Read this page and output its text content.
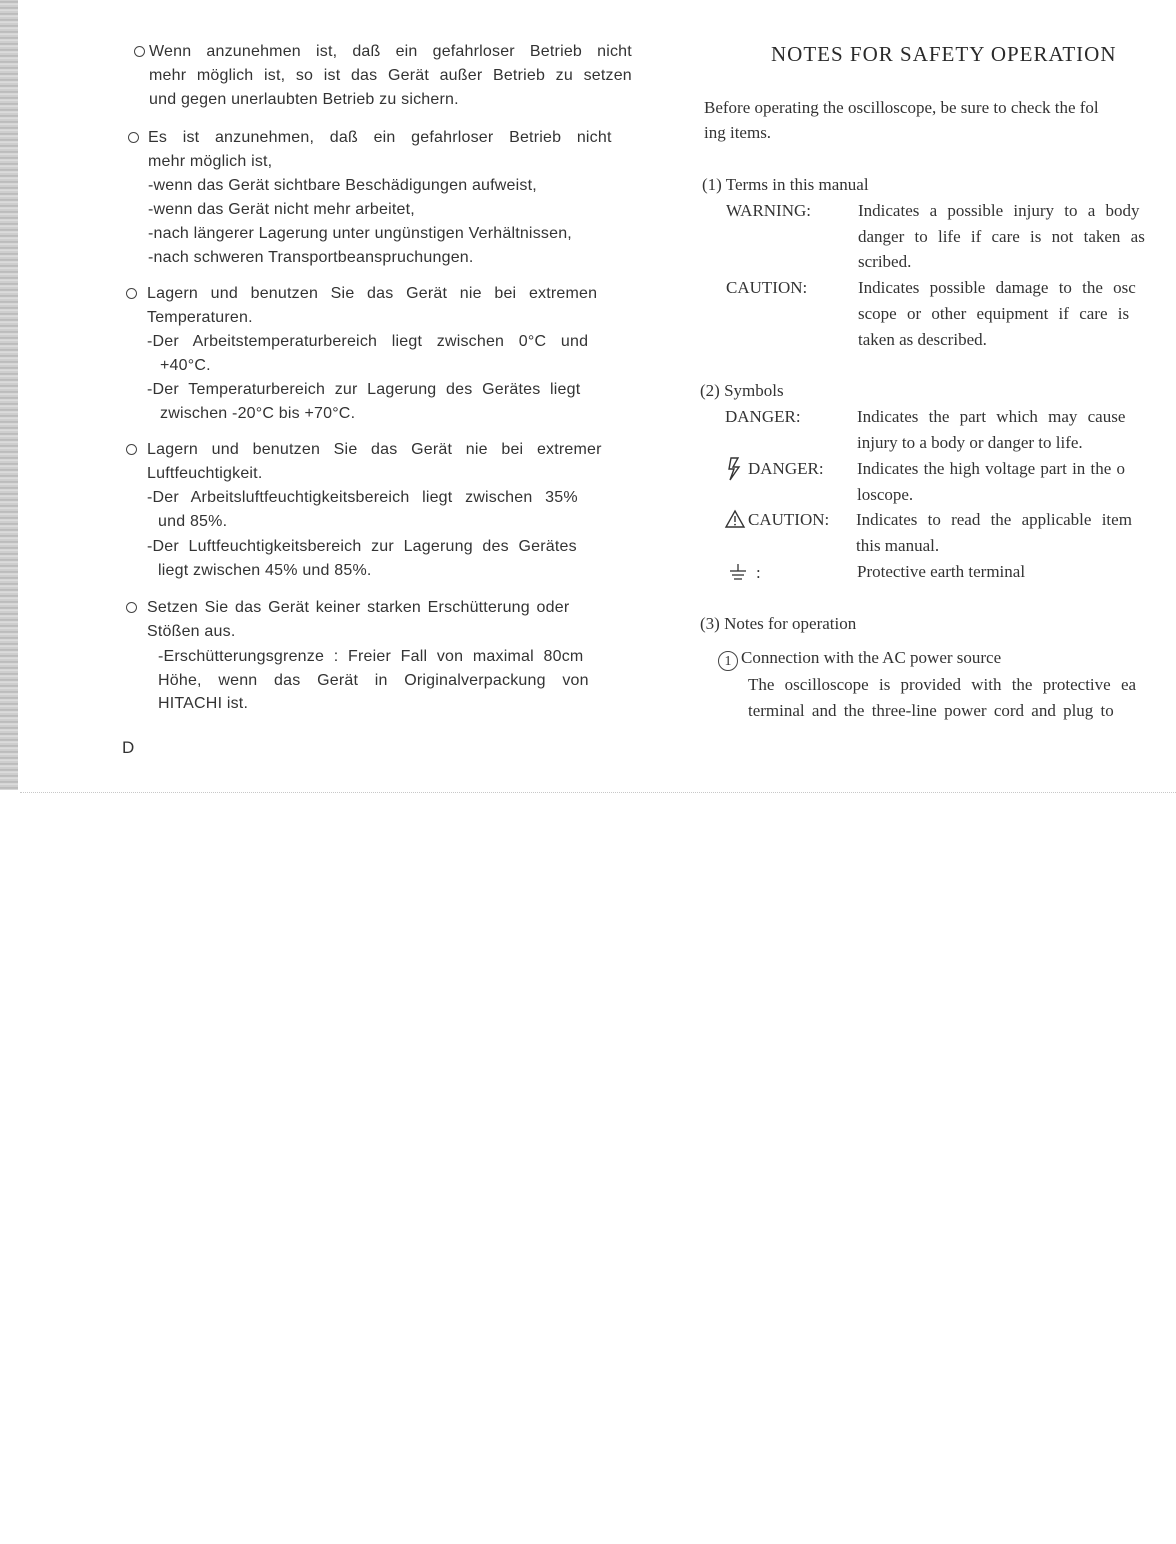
Wenn anzunehmen ist, daß ein gefahrloser Betrieb nicht
mehr möglich ist, so ist das Gerät außer Betrieb zu setzen
und gegen unerlaubten Betrieb zu sichern.
Es ist anzunehmen, daß ein gefahrloser Betrieb nicht
mehr möglich ist,
-wenn das Gerät sichtbare Beschädigungen aufweist,
-wenn das Gerät nicht mehr arbeitet,
-nach längerer Lagerung unter ungünstigen Verhältnissen,
-nach schweren Transportbeanspruchungen.
Lagern und benutzen Sie das Gerät nie bei extremen
Temperaturen.
-Der Arbeitstemperaturbereich liegt zwischen 0°C und
+40°C.
-Der Temperaturbereich zur Lagerung des Gerätes liegt
zwischen -20°C bis +70°C.
Lagern und benutzen Sie das Gerät nie bei extremer
Luftfeuchtigkeit.
-Der Arbeitsluftfeuchtigkeitsbereich liegt zwischen 35%
und 85%.
-Der Luftfeuchtigkeitsbereich zur Lagerung des Gerätes
liegt zwischen 45% und 85%.
Setzen Sie das Gerät keiner starken Erschütterung oder
Stößen aus.
-Erschütterungsgrenze : Freier Fall von maximal 80cm
Höhe, wenn das Gerät in Originalverpackung von
HITACHI ist.
D
NOTES FOR SAFETY OPERATION
Before operating the oscilloscope, be sure to check the fol
ing items.
(1) Terms in this manual
WARNING:	Indicates a possible injury to a body
danger to life if care is not taken as
scribed.
CAUTION:	Indicates possible damage to the osc
scope or other equipment if care is
taken as described.
(2) Symbols
DANGER:	Indicates the part which may cause
injury to a body or danger to life.
DANGER: Indicates the high voltage part in the o
loscope.
CAUTION: Indicates to read the applicable item
this manual.
:	Protective earth terminal
(3) Notes for operation
1 Connection with the AC power source
The oscilloscope is provided with the protective ea
terminal and the three-line power cord and plug to
